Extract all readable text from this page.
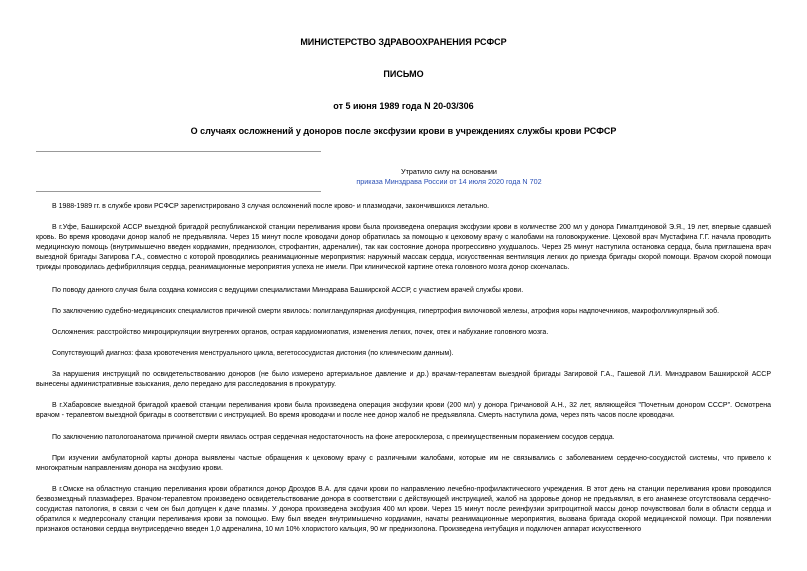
МИНИСТЕРСТВО ЗДРАВООХРАНЕНИЯ РСФСР
ПИСЬМО
от 5 июня 1989 года N 20-03/306
О случаях осложнений у доноров после эксфузии крови в учреждениях службы крови РСФСР
Утратило силу на основании
приказа Минздрава России от 14 июля 2020 года N 702

В 1988-1989 гг. в службе крови РСФСР зарегистрировано 3 случая осложнений после крово- и плазмодачи, закончившихся летально.

В г.Уфе, Башкирской АССР выездной бригадой республиканской станции переливания крови была произведена операция эксфузии крови в количестве 200 мл у донора Гималтдиновой Э.Я., 19 лет, впервые сдавшей кровь. Во время кроводачи донор жалоб не предъявляла. Через 15 минут после кроводачи донор обратилась за помощью к цеховому врачу с жалобами на головокружение. Цеховой врач Мустафина Г.Г. начала проводить медицинскую помощь (внутримышечно введен кордиамин, преднизолон, строфантин, адреналин), так как состояние донора прогрессивно ухудшалось. Через 25 минут наступила остановка сердца, была приглашена врач выездной бригады Загирова Г.А., совместно с которой проводились реанимационные мероприятия: наружный массаж сердца, искусственная вентиляция легких до приезда бригады скорой помощи. Врачом скорой помощи трижды проводилась дефибрилляция сердца, реанимационные мероприятия успеха не имели. При клинической картине отека головного мозга донор скончалась.

По поводу данного случая была создана комиссия с ведущими специалистами Минздрава Башкирской АССР, с участием врачей службы крови.

По заключению судебно-медицинских специалистов причиной смерти явилось: полигландулярная дисфункция, гипертрофия вилочковой железы, атрофия коры надпочечников, макрофолликулярный зоб.

Осложнения: расстройство микроциркуляции внутренних органов, острая кардиомиопатия, изменения легких, почек, отек и набухание головного мозга.

Сопутствующий диагноз: фаза кровотечения менструального цикла, вегетососудистая дистония (по клиническим данным).

За нарушения инструкций по освидетельствованию доноров (не было измерено артериальное давление и др.) врачам-терапевтам выездной бригады Загировой Г.А., Гашевой Л.И. Минздравом Башкирской АССР вынесены административные взыскания, дело передано для расследования в прокуратуру.

В г.Хабаровске выездной бригадой краевой станции переливания крови была произведена операция эксфузии крови (200 мл) у донора Гричановой А.Н., 32 лет, являющейся "Почетным донором СССР". Осмотрена врачом - терапевтом выездной бригады в соответствии с инструкцией. Во время кроводачи и после нее донор жалоб не предъявляла. Смерть наступила дома, через пять часов после кроводачи.

По заключению патологоанатома причиной смерти явилась острая сердечная недостаточность на фоне атеросклероза, с преимущественным поражением сосудов сердца.

При изучении амбулаторной карты донора выявлены частые обращения к цеховому врачу с различными жалобами, которые им не связывались с заболеванием сердечно-сосудистой системы, что привело к многократным направлениям донора на эксфузию крови.

В г.Омске на областную станцию переливания крови обратился донор Дроздов В.А. для сдачи крови по направлению лечебно-профилактического учреждения. В этот день на станции переливания крови проводился безвозмездный плазмаферез. Врачом-терапевтом произведено освидетельствование донора в соответствии с действующей инструкцией, жалоб на здоровье донор не предъявлял, в его анамнезе отсутствовала сердечно-сосудистая патология, в связи с чем он был допущен к даче плазмы. У донора произведена эксфузия 400 мл крови. Через 15 минут после реинфузии эритроцитной массы донор почувствовал боли в области сердца и обратился к медперсоналу станции переливания крови за помощью. Ему был введен внутримышечно кордиамин, начаты реанимационные мероприятия, вызвана бригада скорой медицинской помощи. При появлении признаков остановки сердца внутрисердечно введен 1,0 адреналина, 10 мл 10% хлористого кальция, 90 мг преднизолона. Произведена интубация и подключен аппарат искусственного
